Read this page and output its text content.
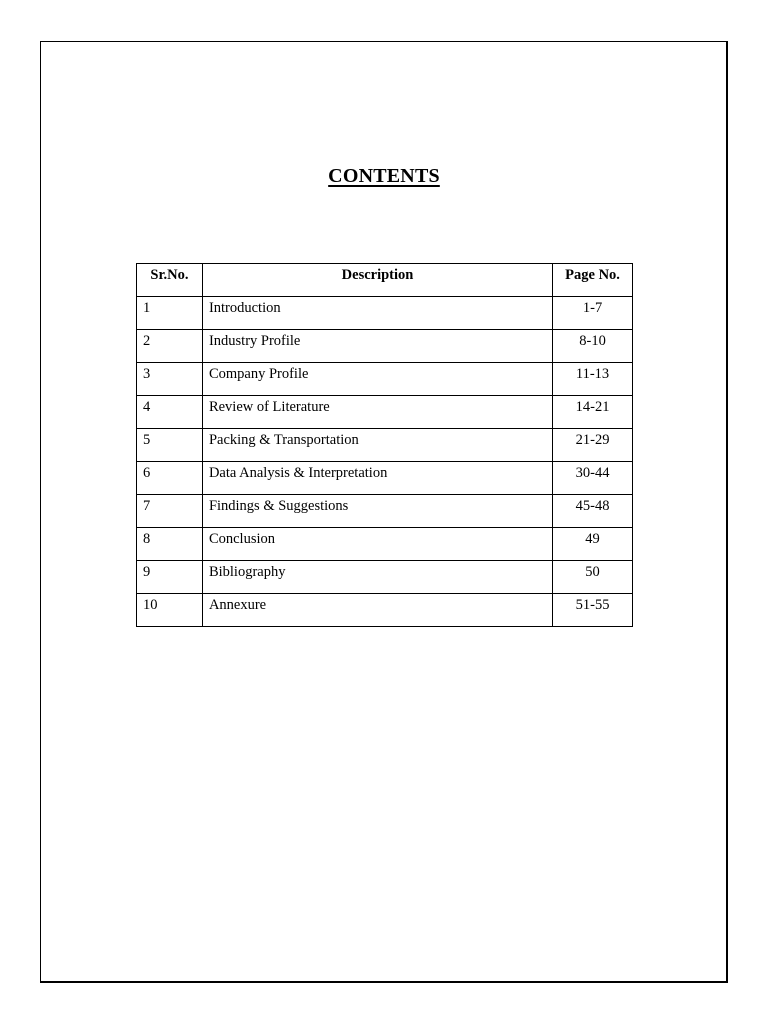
CONTENTS
Sr.No.	Description	Page No.
1	Introduction	1-7
2	Industry Profile	8-10
3	Company Profile	11-13
4	Review of Literature	14-21
5	Packing & Transportation	21-29
6	Data Analysis & Interpretation	30-44
7	Findings & Suggestions	45-48
8	Conclusion	49
9	Bibliography	50
10	Annexure	51-55
